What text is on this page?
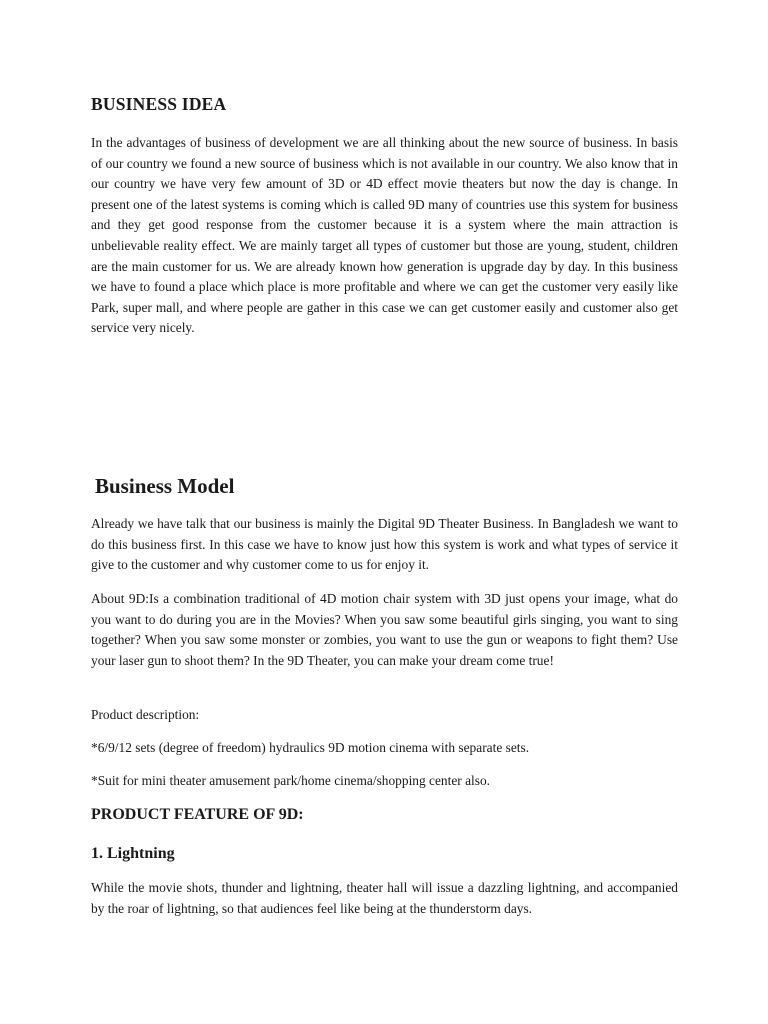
BUSINESS IDEA

In the advantages of business of development we are all thinking about the new source of business. In basis of our country we found a new source of business which is not available in our country. We also know that in our country we have very few amount of 3D or 4D effect movie theaters but now the day is change. In present one of the latest systems is coming which is called 9D many of countries use this system for business and they get good response from the customer because it is a system where the main attraction is unbelievable reality effect. We are mainly target all types of customer but those are young, student, children are the main customer for us. We are already known how generation is upgrade day by day. In this business we have to found a place which place is more profitable and where we can get the customer very easily like Park, super mall, and where people are gather in this case we can get customer easily and customer also get service very nicely.

Business Model

Already we have talk that our business is mainly the Digital 9D Theater Business. In Bangladesh we want to do this business first. In this case we have to know just how this system is work and what types of service it give to the customer and why customer come to us for enjoy it.

About 9D:Is a combination traditional of 4D motion chair system with 3D just opens your image, what do you want to do during you are in the Movies? When you saw some beautiful girls singing, you want to sing together? When you saw some monster or zombies, you want to use the gun or weapons to fight them? Use your laser gun to shoot them? In the 9D Theater, you can make your dream come true!

Product description:

*6/9/12 sets (degree of freedom) hydraulics 9D motion cinema with separate sets.

*Suit for mini theater amusement park/home cinema/shopping center also.

PRODUCT FEATURE OF 9D:
1. Lightning

While the movie shots, thunder and lightning, theater hall will issue a dazzling lightning, and accompanied by the roar of lightning, so that audiences feel like being at the thunderstorm days.
